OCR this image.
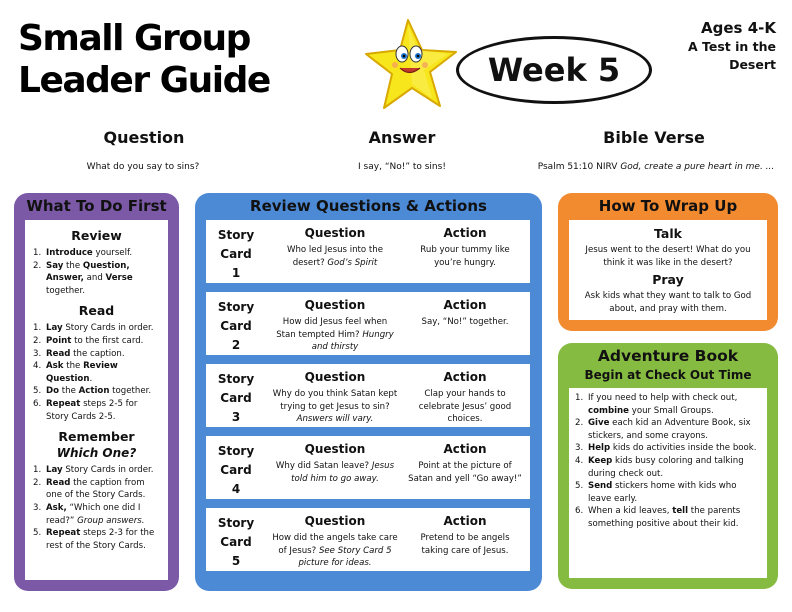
Small Group
Leader Guide	Week 5
Ages 4-K
A Test in the
Desert
Question
What do you say to sins?
Answer
I say, “No!” to sins!
Bible Verse
Psalm 51:10 NIRV God, create a pure heart in me. ...
What To Do First
Review
1. Introduce yourself.
2. Say the Question, Answer, and Verse together.
Read
1. Lay Story Cards in order.
2. Point to the first card.
3. Read the caption.
4. Ask the Review Question.
5. Do the Action together.
6. Repeat steps 2-5 for Story Cards 2-5.
Remember
Which One?
1. Lay Story Cards in order.
2. Read the caption from one of the Story Cards.
3. Ask, “Which one did I read?” Group answers.
5. Repeat steps 2-3 for the rest of the Story Cards.
Review Questions & Actions
Story
Card
1
Question
Who led Jesus into the desert? God’s Spirit
Action
Rub your tummy like you’re hungry.
Story
Card
2
Question
How did Jesus feel when Stan tempted Him? Hungry and thirsty
Action
Say, “No!” together.
Story
Card
3
Question
Why do you think Satan kept trying to get Jesus to sin? Answers will vary.
Action
Clap your hands to celebrate Jesus’ good choices.
Story
Card
4
Question
Why did Satan leave? Jesus told him to go away.
Action
Point at the picture of Satan and yell “Go away!”
Story
Card
5
Question
How did the angels take care of Jesus? See Story Card 5 picture for ideas.
Action
Pretend to be angels taking care of Jesus.
How To Wrap Up
Talk
Jesus went to the desert! What do you think it was like in the desert?
Pray
Ask kids what they want to talk to God about, and pray with them.
Adventure Book
Begin at Check Out Time
1. If you need to help with check out, combine your Small Groups.
2. Give each kid an Adventure Book, six stickers, and some crayons.
3. Help kids do activities inside the book.
4. Keep kids busy coloring and talking during check out.
5. Send stickers home with kids who leave early.
6. When a kid leaves, tell the parents something positive about their kid.
